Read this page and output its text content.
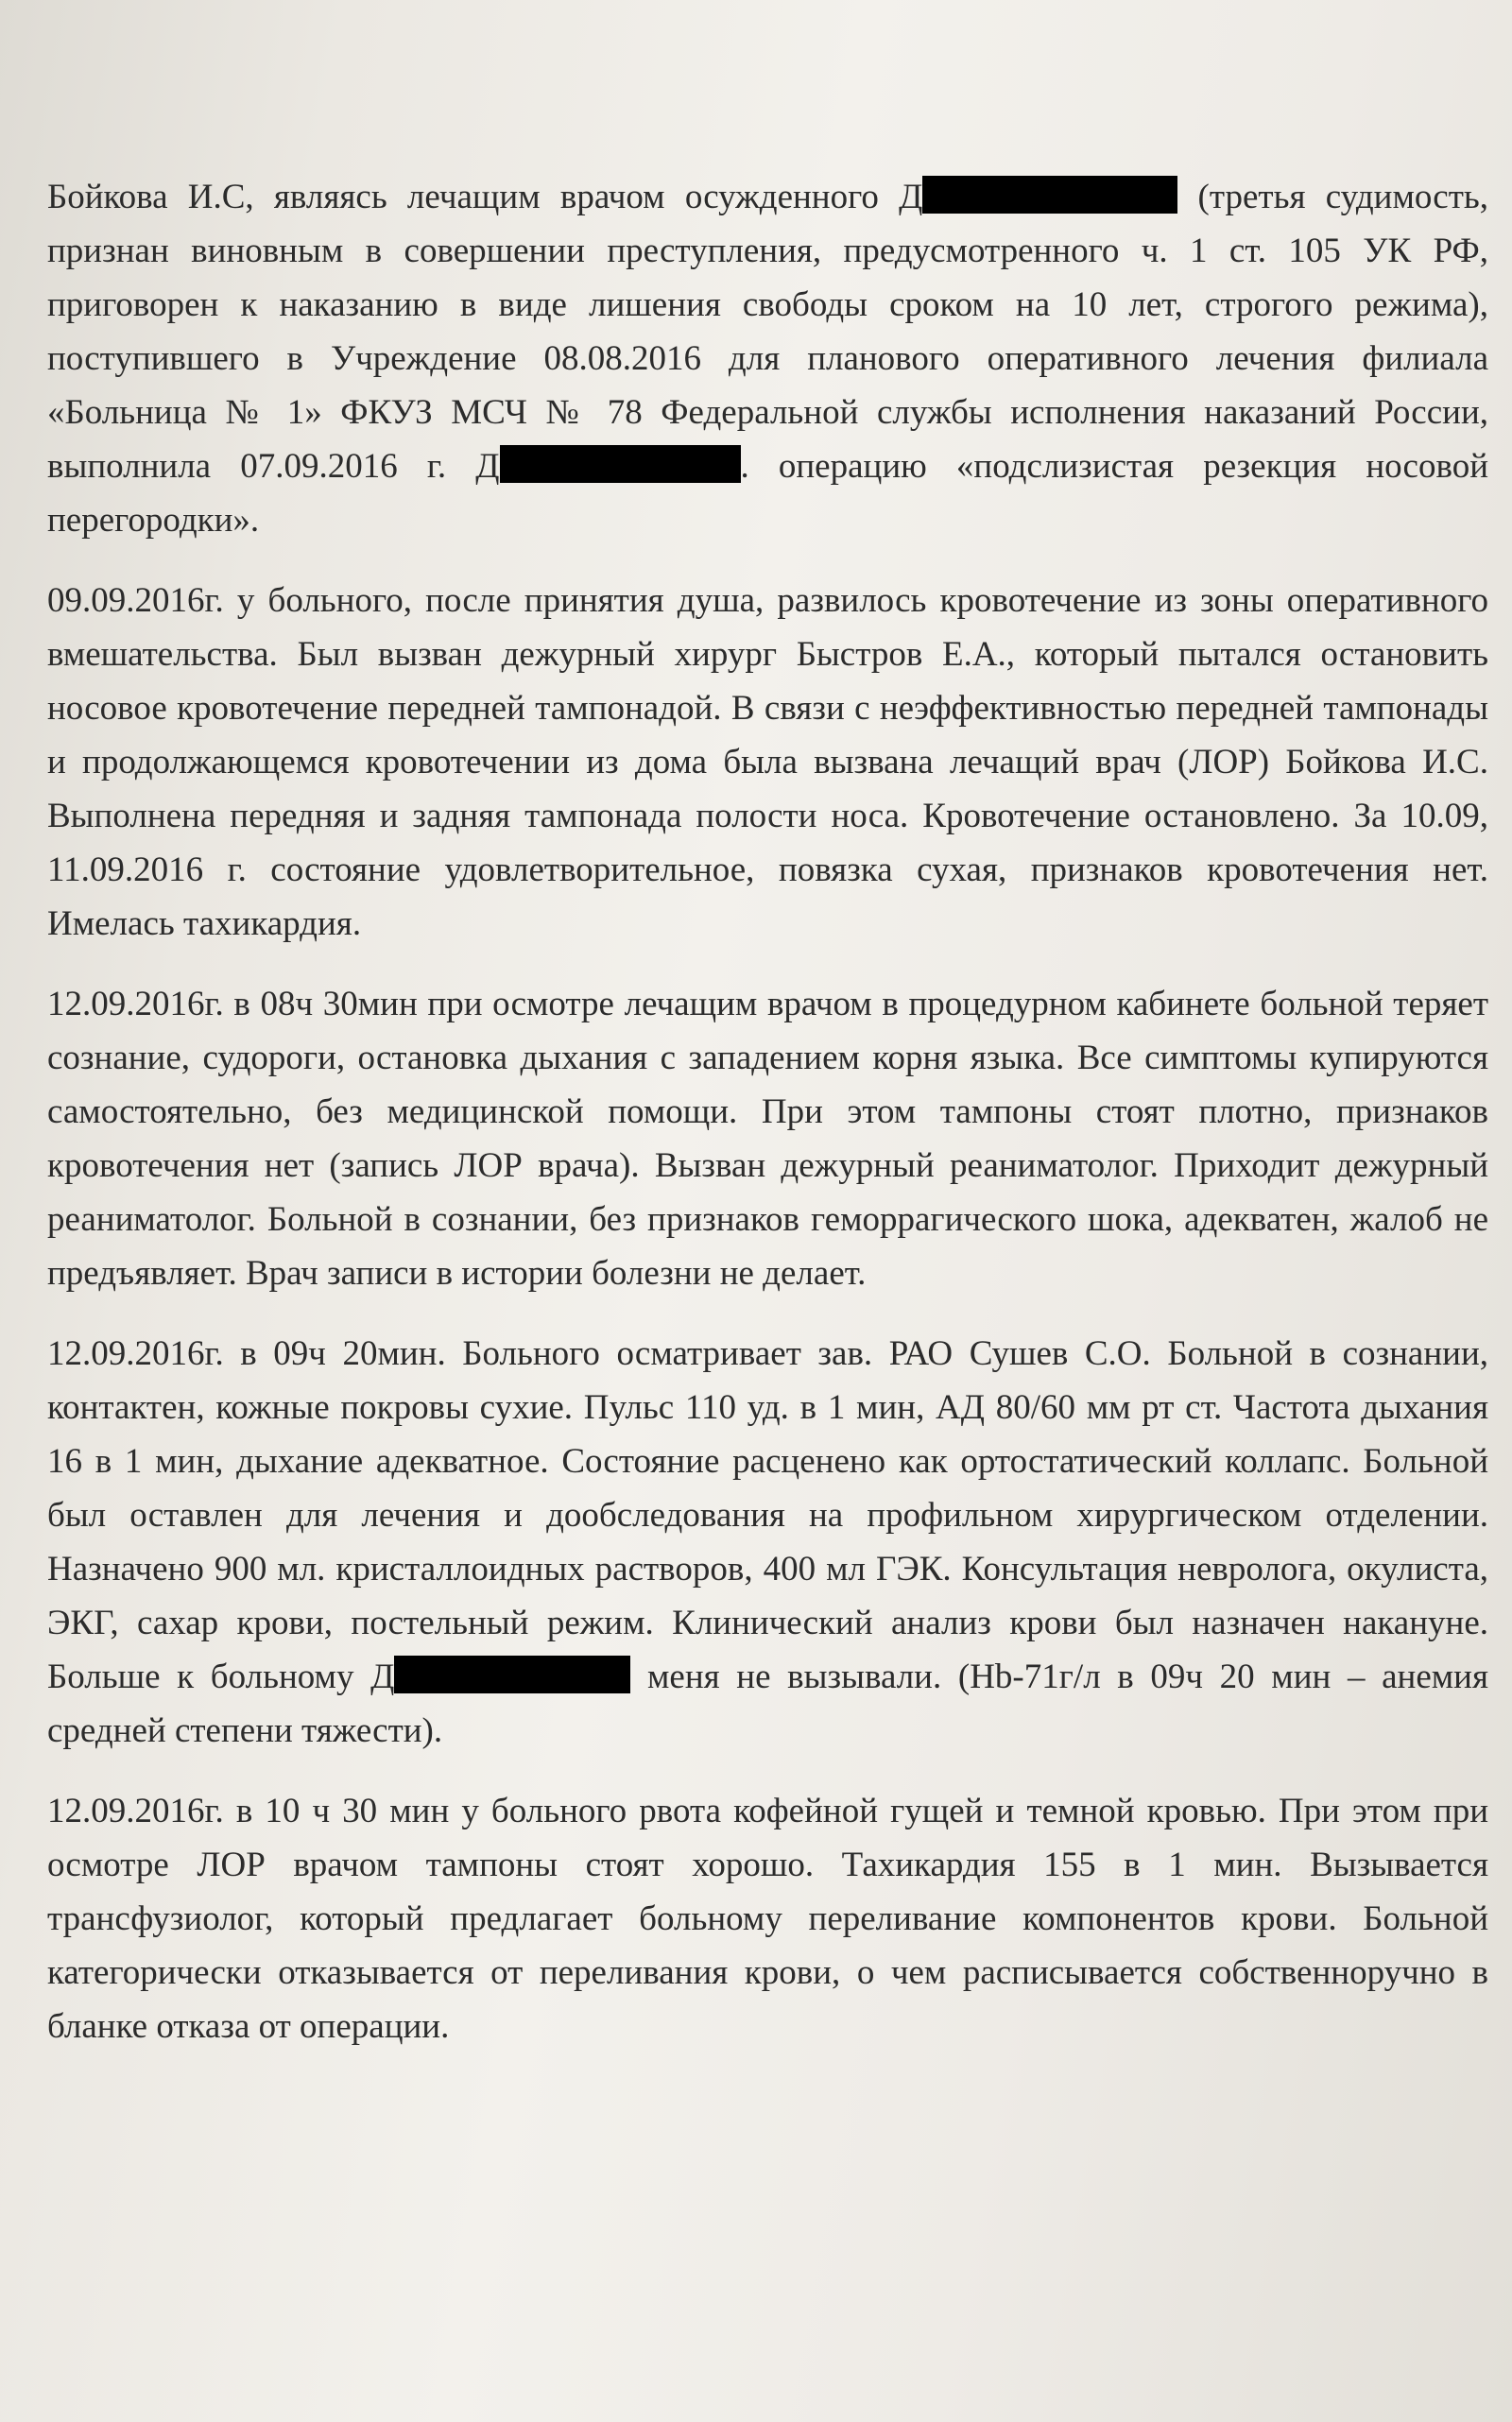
Бойкова И.С, являясь лечащим врачом осужденного Д	(третья судимость, признан виновным в совершении преступления, предусмотренного ч. 1 ст. 105 УК РФ, приговорен к наказанию в виде лишения свободы сроком на 10 лет, строгого режима), поступившего в Учреждение 08.08.2016 для планового оперативного лечения филиала «Больница № 1» ФКУЗ МСЧ № 78 Федеральной службы исполнения наказаний России, выполнила 07.09.2016 г. Д	. операцию «подслизистая резекция носовой перегородки».

09.09.2016г. у больного, после принятия душа, развилось кровотечение из зоны оперативного вмешательства. Был вызван дежурный хирург Быстров Е.А., который пытался остановить носовое кровотечение передней тампонадой. В связи с неэффективностью передней тампонады и продолжающемся кровотечении из дома была вызвана лечащий врач (ЛОР) Бойкова И.С. Выполнена передняя и задняя тампонада полости носа. Кровотечение остановлено. За 10.09, 11.09.2016 г. состояние удовлетворительное, повязка сухая, признаков кровотечения нет. Имелась тахикардия.

12.09.2016г. в 08ч 30мин при осмотре лечащим врачом в процедурном кабинете больной теряет сознание, судороги, остановка дыхания с западением корня языка. Все симптомы купируются самостоятельно, без медицинской помощи. При этом тампоны стоят плотно, признаков кровотечения нет (запись ЛОР врача). Вызван дежурный реаниматолог. Приходит дежурный реаниматолог. Больной в сознании, без признаков геморрагического шока, адекватен, жалоб не предъявляет. Врач записи в истории болезни не делает.

12.09.2016г. в 09ч 20мин. Больного осматривает зав. РАО Сушев С.О. Больной в сознании, контактен, кожные покровы сухие. Пульс 110 уд. в 1 мин, АД 80/60 мм рт ст. Частота дыхания 16 в 1 мин, дыхание адекватное. Состояние расценено как ортостатический коллапс. Больной был оставлен для лечения и дообследования на профильном хирургическом отделении. Назначено 900 мл. кристаллоидных растворов, 400 мл ГЭК. Консультация невролога, окулиста, ЭКГ, сахар крови, постельный режим. Клинический анализ крови был назначен накануне. Больше к больному Д	меня не вызывали. (Hb-71г/л в 09ч 20 мин – анемия средней степени тяжести).

12.09.2016г. в 10 ч 30 мин у больного рвота кофейной гущей и темной кровью. При этом при осмотре ЛОР врачом тампоны стоят хорошо. Тахикардия 155 в 1 мин. Вызывается трансфузиолог, который предлагает больному переливание компонентов крови. Больной категорически отказывается от переливания крови, о чем расписывается собственноручно в бланке отказа от операции.
